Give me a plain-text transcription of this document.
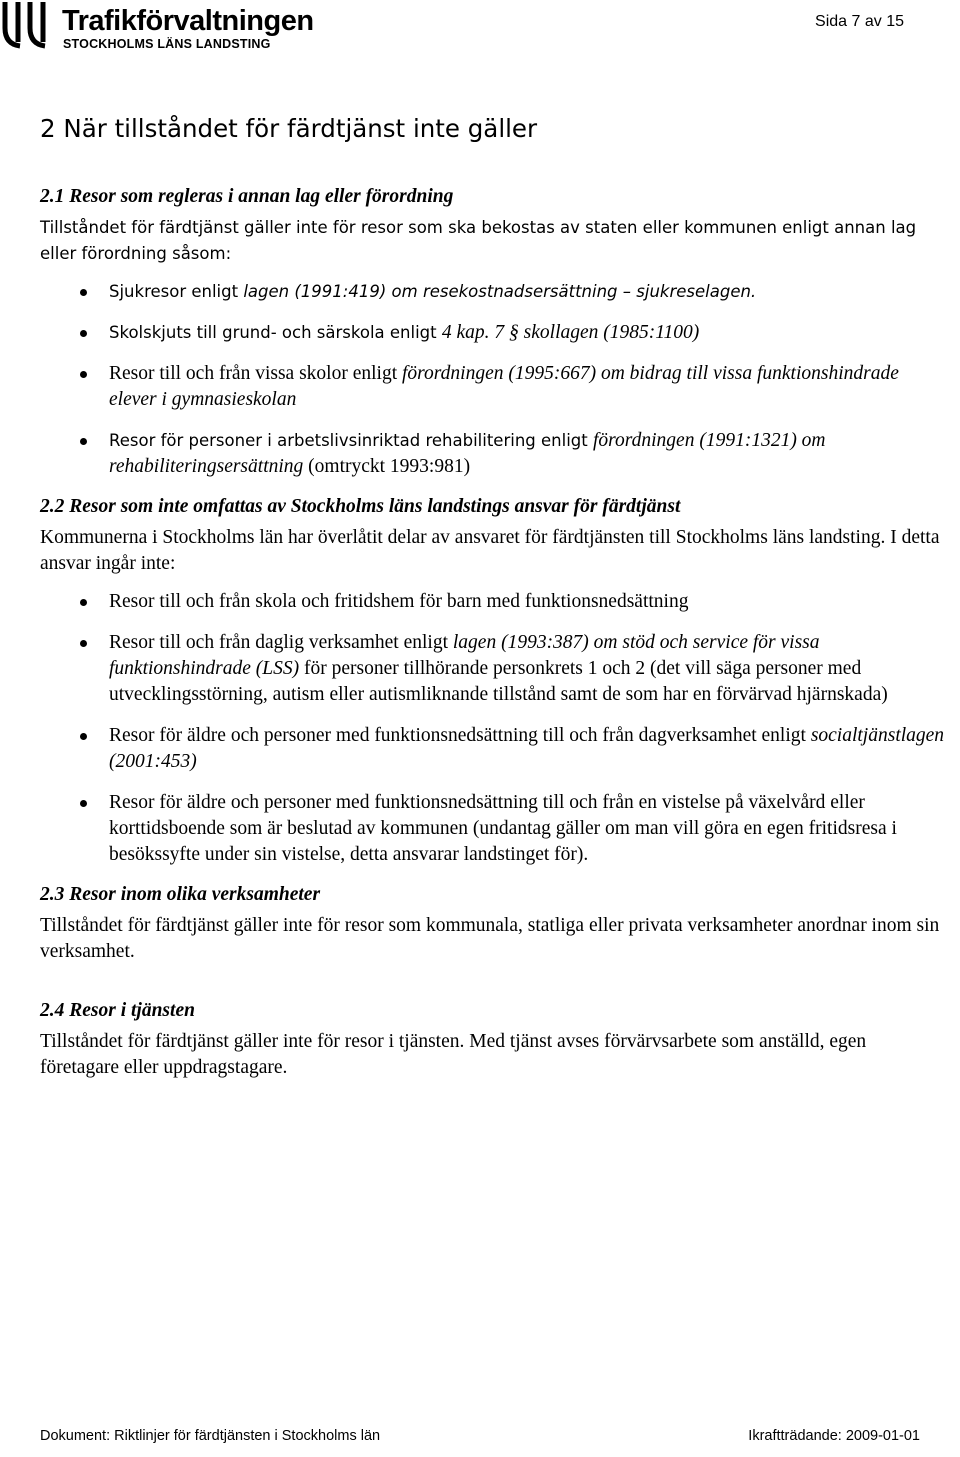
Trafikförvaltningen
STOCKHOLMS LÄNS LANDSTING
Sida 7 av 15
2 När tillståndet för färdtjänst inte gäller
2.1 Resor som regleras i annan lag eller förordning

Tillståndet för färdtjänst gäller inte för resor som ska bekostas av staten eller kommunen enligt annan lag eller förordning såsom:

Sjukresor enligt lagen (1991:419) om resekostnadsersättning – sjukreselagen.
Skolskjuts till grund- och särskola enligt 4 kap. 7 § skollagen (1985:1100)
Resor till och från vissa skolor enligt förordningen (1995:667) om bidrag till vissa funktionshindrade elever i gymnasieskolan
Resor för personer i arbetslivsinriktad rehabilitering enligt förordningen (1991:1321) om rehabiliteringsersättning (omtryckt 1993:981)
2.2 Resor som inte omfattas av Stockholms läns landstings ansvar för färdtjänst

Kommunerna i Stockholms län har överlåtit delar av ansvaret för färdtjänsten till Stockholms läns landsting. I detta ansvar ingår inte:

Resor till och från skola och fritidshem för barn med funktionsnedsättning
Resor till och från daglig verksamhet enligt lagen (1993:387) om stöd och service för vissa funktionshindrade (LSS) för personer tillhörande personkrets 1 och 2 (det vill säga personer med utvecklingsstörning, autism eller autismliknande tillstånd samt de som har en förvärvad hjärnskada)
Resor för äldre och personer med funktionsnedsättning till och från dagverksamhet enligt socialtjänstlagen (2001:453)
Resor för äldre och personer med funktionsnedsättning till och från en vistelse på växelvård eller korttidsboende som är beslutad av kommunen (undantag gäller om man vill göra en egen fritidsresa i besökssyfte under sin vistelse, detta ansvarar landstinget för).
2.3 Resor inom olika verksamheter

Tillståndet för färdtjänst gäller inte för resor som kommunala, statliga eller privata verksamheter anordnar inom sin verksamhet.

2.4 Resor i tjänsten

Tillståndet för färdtjänst gäller inte för resor i tjänsten. Med tjänst avses förvärvsarbete som anställd, egen företagare eller uppdragstagare.

Dokument: Riktlinjer för färdtjänsten i Stockholms län	Ikraftträdande: 2009-01-01
